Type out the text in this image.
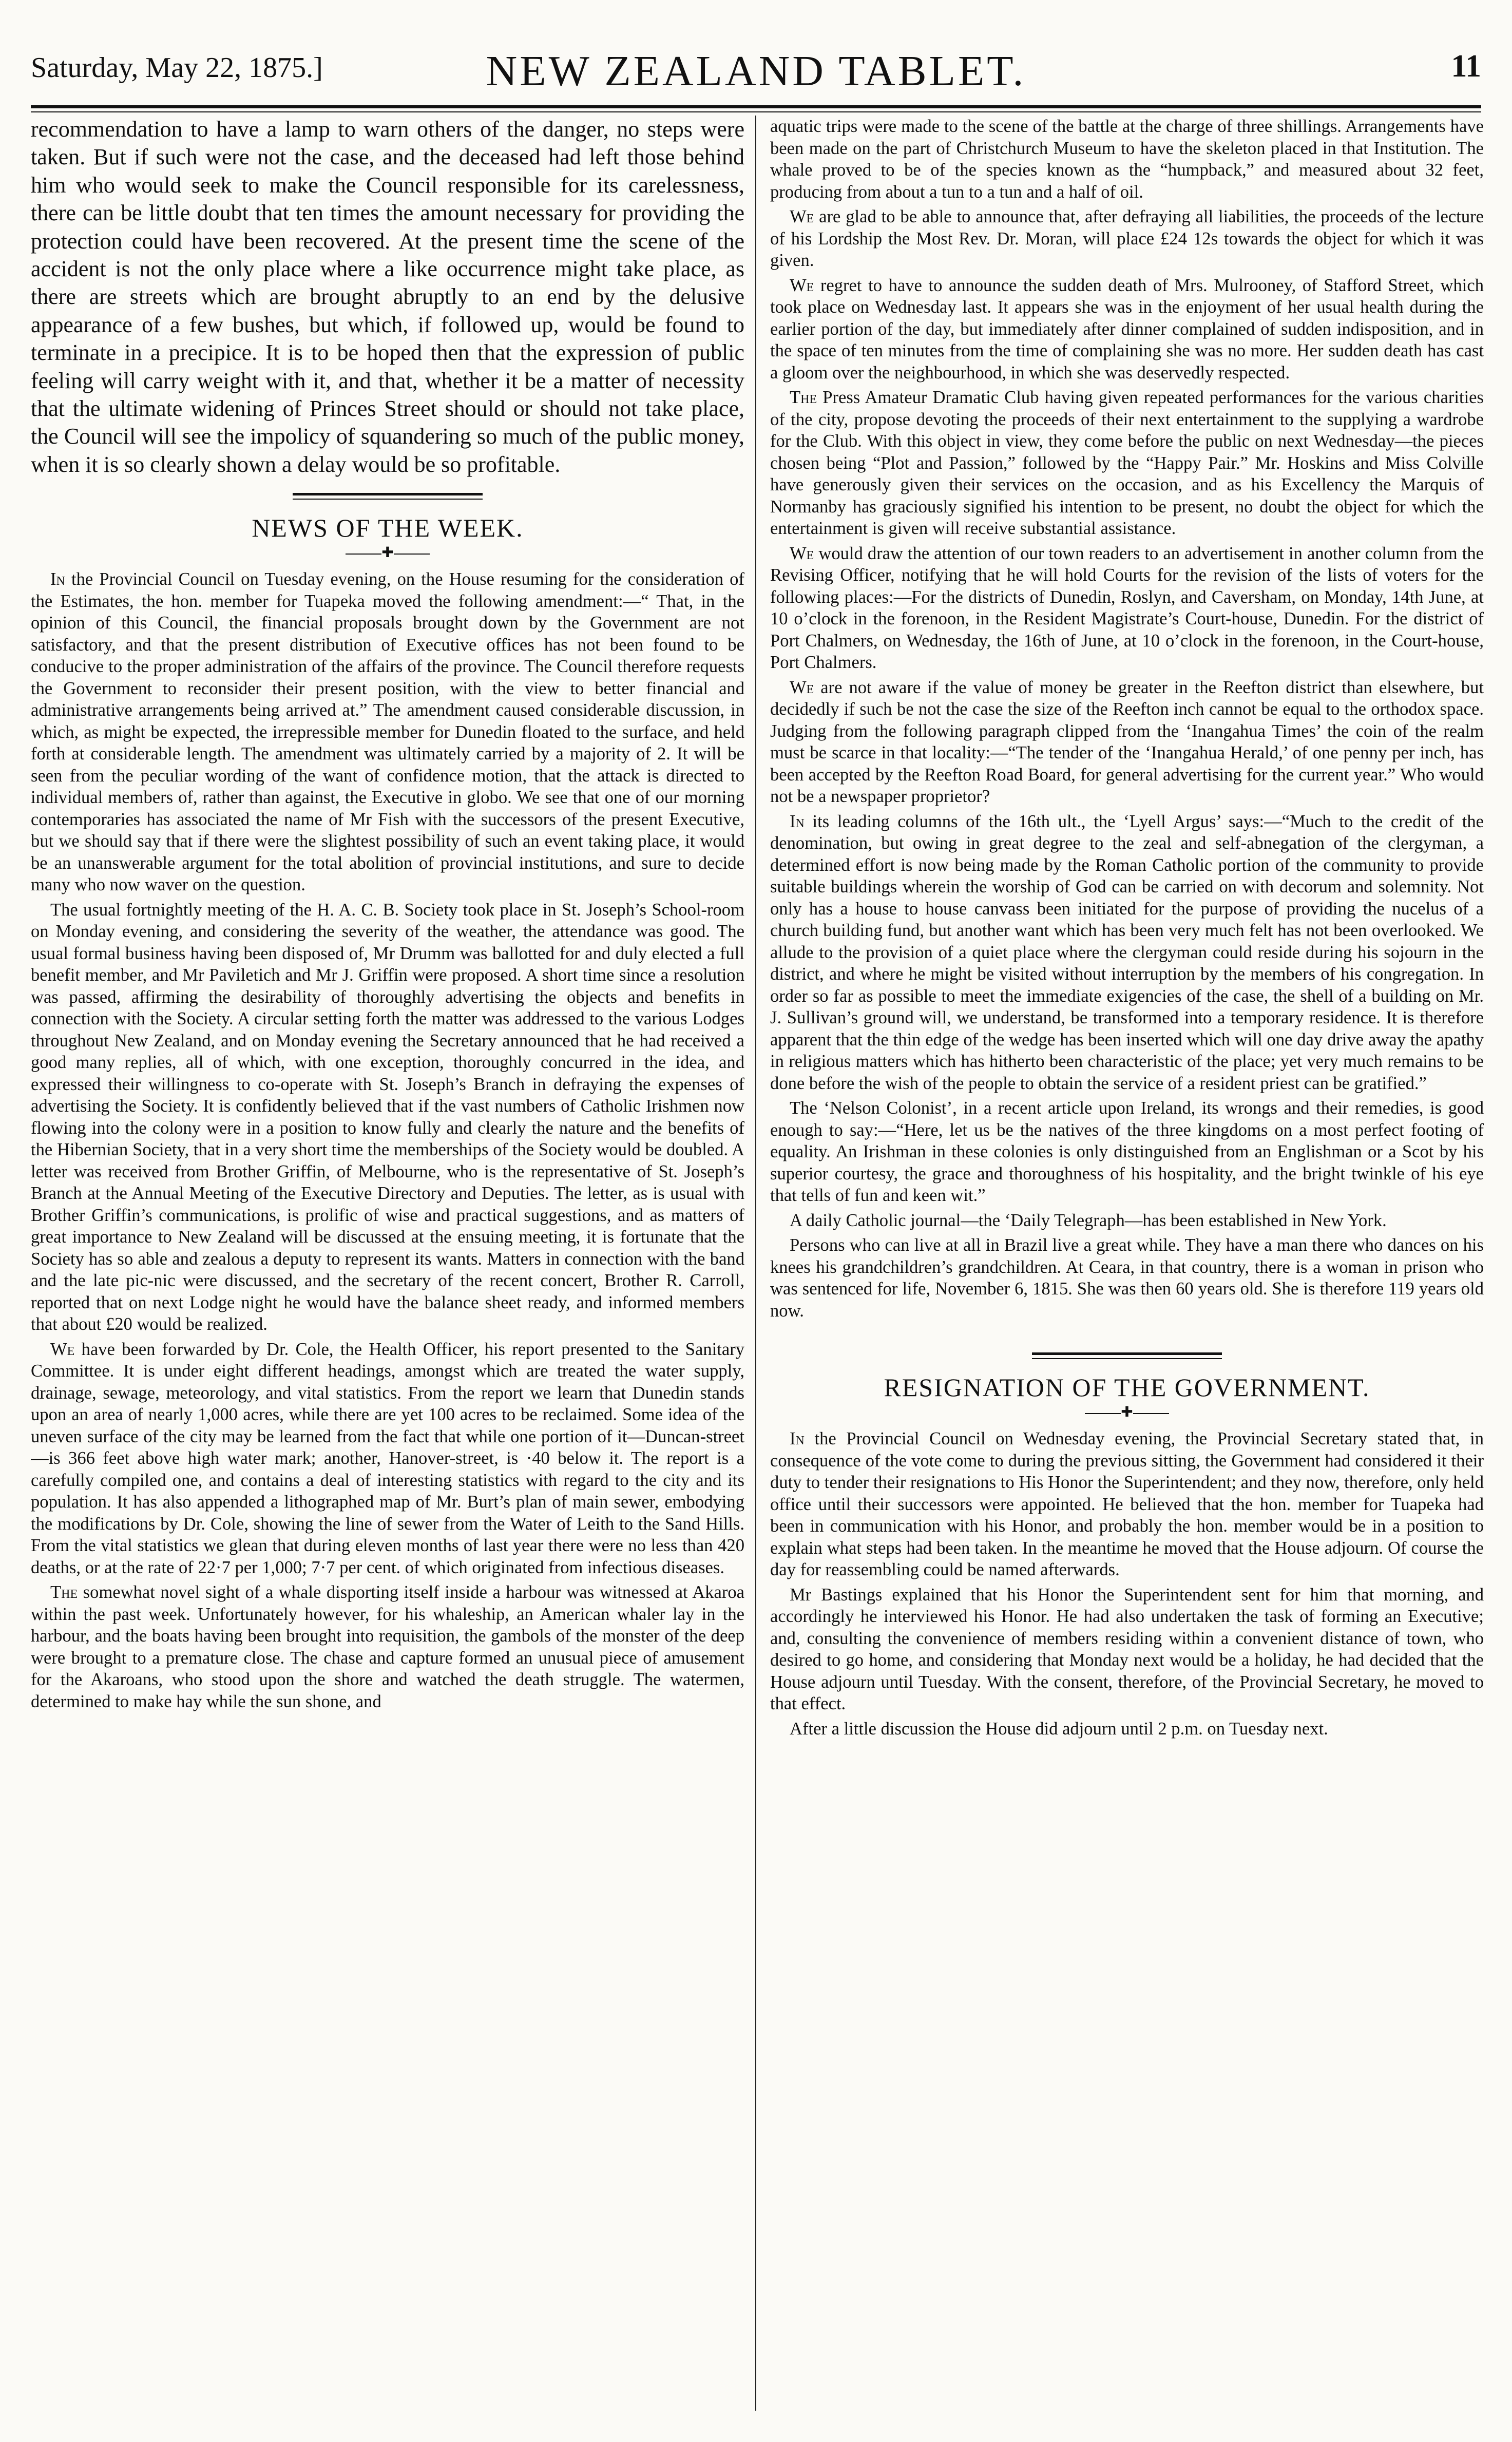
Saturday, May 22, 1875.]	NEW ZEALAND TABLET.	11

recommendation to have a lamp to warn others of the danger, no steps were taken. But if such were not the case, and the deceased had left those behind him who would seek to make the Council responsible for its carelessness, there can be little doubt that ten times the amount necessary for providing the protection could have been recovered. At the present time the scene of the accident is not the only place where a like occurrence might take place, as there are streets which are brought abruptly to an end by the delusive appearance of a few bushes, but which, if followed up, would be found to terminate in a precipice. It is to be hoped then that the expression of public feeling will carry weight with it, and that, whether it be a matter of necessity that the ultimate widening of Princes Street should or should not take place, the Council will see the impolicy of squandering so much of the public money, when it is so clearly shown a delay would be so profitable.

NEWS OF THE WEEK.
✚

In the Provincial Council on Tuesday evening, on the House resuming for the consideration of the Estimates, the hon. member for Tuapeka moved the following amendment:—“ That, in the opinion of this Council, the financial proposals brought down by the Government are not satisfactory, and that the present distribution of Executive offices has not been found to be conducive to the proper administration of the affairs of the province. The Council therefore requests the Government to reconsider their present position, with the view to better financial and administrative arrangements being arrived at.” The amendment caused considerable discussion, in which, as might be expected, the irrepressible member for Dunedin floated to the surface, and held forth at considerable length. The amendment was ultimately carried by a majority of 2. It will be seen from the peculiar wording of the want of confidence motion, that the attack is directed to individual members of, rather than against, the Executive in globo. We see that one of our morning contemporaries has associated the name of Mr Fish with the successors of the present Executive, but we should say that if there were the slightest possibility of such an event taking place, it would be an unanswerable argument for the total abolition of provincial institutions, and sure to decide many who now waver on the question.

The usual fortnightly meeting of the H. A. C. B. Society took place in St. Joseph’s School-room on Monday evening, and considering the severity of the weather, the attendance was good. The usual formal business having been disposed of, Mr Drumm was ballotted for and duly elected a full benefit member, and Mr Paviletich and Mr J. Griffin were proposed. A short time since a resolution was passed, affirming the desirability of thoroughly advertising the objects and benefits in connection with the Society. A circular setting forth the matter was addressed to the various Lodges throughout New Zealand, and on Monday evening the Secretary announced that he had received a good many replies, all of which, with one exception, thoroughly concurred in the idea, and expressed their willingness to co-operate with St. Joseph’s Branch in defraying the expenses of advertising the Society. It is confidently believed that if the vast numbers of Catholic Irishmen now flowing into the colony were in a position to know fully and clearly the nature and the benefits of the Hibernian Society, that in a very short time the memberships of the Society would be doubled. A letter was received from Brother Griffin, of Melbourne, who is the representative of St. Joseph’s Branch at the Annual Meeting of the Executive Directory and Deputies. The letter, as is usual with Brother Griffin’s communications, is prolific of wise and practical suggestions, and as matters of great importance to New Zealand will be discussed at the ensuing meeting, it is fortunate that the Society has so able and zealous a deputy to represent its wants. Matters in connection with the band and the late pic-nic were discussed, and the secretary of the recent concert, Brother R. Carroll, reported that on next Lodge night he would have the balance sheet ready, and informed members that about £20 would be realized.

We have been forwarded by Dr. Cole, the Health Officer, his report presented to the Sanitary Committee. It is under eight different headings, amongst which are treated the water supply, drainage, sewage, meteorology, and vital statistics. From the report we learn that Dunedin stands upon an area of nearly 1,000 acres, while there are yet 100 acres to be reclaimed. Some idea of the uneven surface of the city may be learned from the fact that while one portion of it—Duncan-street—is 366 feet above high water mark; another, Hanover-street, is ·40 below it. The report is a carefully compiled one, and contains a deal of interesting statistics with regard to the city and its population. It has also appended a lithographed map of Mr. Burt’s plan of main sewer, embodying the modifications by Dr. Cole, showing the line of sewer from the Water of Leith to the Sand Hills. From the vital statistics we glean that during eleven months of last year there were no less than 420 deaths, or at the rate of 22·7 per 1,000; 7·7 per cent. of which originated from infectious diseases.

The somewhat novel sight of a whale disporting itself inside a harbour was witnessed at Akaroa within the past week. Unfortunately however, for his whaleship, an American whaler lay in the harbour, and the boats having been brought into requisition, the gambols of the monster of the deep were brought to a premature close. The chase and capture formed an unusual piece of amusement for the Akaroans, who stood upon the shore and watched the death struggle. The watermen, determined to make hay while the sun shone, and

aquatic trips were made to the scene of the battle at the charge of three shillings. Arrangements have been made on the part of Christchurch Museum to have the skeleton placed in that Institution. The whale proved to be of the species known as the “humpback,” and measured about 32 feet, producing from about a tun to a tun and a half of oil.

We are glad to be able to announce that, after defraying all liabilities, the proceeds of the lecture of his Lordship the Most Rev. Dr. Moran, will place £24 12s towards the object for which it was given.

We regret to have to announce the sudden death of Mrs. Mulrooney, of Stafford Street, which took place on Wednesday last. It appears she was in the enjoyment of her usual health during the earlier portion of the day, but immediately after dinner complained of sudden indisposition, and in the space of ten minutes from the time of complaining she was no more. Her sudden death has cast a gloom over the neighbourhood, in which she was deservedly respected.

The Press Amateur Dramatic Club having given repeated performances for the various charities of the city, propose devoting the proceeds of their next entertainment to the supplying a wardrobe for the Club. With this object in view, they come before the public on next Wednesday—the pieces chosen being “Plot and Passion,” followed by the “Happy Pair.” Mr. Hoskins and Miss Colville have generously given their services on the occasion, and as his Excellency the Marquis of Normanby has graciously signified his intention to be present, no doubt the object for which the entertainment is given will receive substantial assistance.

We would draw the attention of our town readers to an advertisement in another column from the Revising Officer, notifying that he will hold Courts for the revision of the lists of voters for the following places:—For the districts of Dunedin, Roslyn, and Caversham, on Monday, 14th June, at 10 o’clock in the forenoon, in the Resident Magistrate’s Court-house, Dunedin. For the district of Port Chalmers, on Wednesday, the 16th of June, at 10 o’clock in the forenoon, in the Court-house, Port Chalmers.

We are not aware if the value of money be greater in the Reefton district than elsewhere, but decidedly if such be not the case the size of the Reefton inch cannot be equal to the orthodox space. Judging from the following paragraph clipped from the ‘Inangahua Times’ the coin of the realm must be scarce in that locality:—“The tender of the ‘Inangahua Herald,’ of one penny per inch, has been accepted by the Reefton Road Board, for general advertising for the current year.” Who would not be a newspaper proprietor?

In its leading columns of the 16th ult., the ‘Lyell Argus’ says:—“Much to the credit of the denomination, but owing in great degree to the zeal and self-abnegation of the clergyman, a determined effort is now being made by the Roman Catholic portion of the community to provide suitable buildings wherein the worship of God can be carried on with decorum and solemnity. Not only has a house to house canvass been initiated for the purpose of providing the nucelus of a church building fund, but another want which has been very much felt has not been overlooked. We allude to the provision of a quiet place where the clergyman could reside during his sojourn in the district, and where he might be visited without interruption by the members of his congregation. In order so far as possible to meet the immediate exigencies of the case, the shell of a building on Mr. J. Sullivan’s ground will, we understand, be transformed into a temporary residence. It is therefore apparent that the thin edge of the wedge has been inserted which will one day drive away the apathy in religious matters which has hitherto been characteristic of the place; yet very much remains to be done before the wish of the people to obtain the service of a resident priest can be gratified.”

The ‘Nelson Colonist’, in a recent article upon Ireland, its wrongs and their remedies, is good enough to say:—“Here, let us be the natives of the three kingdoms on a most perfect footing of equality. An Irishman in these colonies is only distinguished from an Englishman or a Scot by his superior courtesy, the grace and thoroughness of his hospitality, and the bright twinkle of his eye that tells of fun and keen wit.”

A daily Catholic journal—the ‘Daily Telegraph—has been established in New York.

Persons who can live at all in Brazil live a great while. They have a man there who dances on his knees his grandchildren’s grandchildren. At Ceara, in that country, there is a woman in prison who was sentenced for life, November 6, 1815. She was then 60 years old. She is therefore 119 years old now.

RESIGNATION OF THE GOVERNMENT.
✚

In the Provincial Council on Wednesday evening, the Provincial Secretary stated that, in consequence of the vote come to during the previous sitting, the Government had considered it their duty to tender their resignations to His Honor the Superintendent; and they now, therefore, only held office until their successors were appointed. He believed that the hon. member for Tuapeka had been in communication with his Honor, and probably the hon. member would be in a position to explain what steps had been taken. In the meantime he moved that the House adjourn. Of course the day for reassembling could be named afterwards.

Mr Bastings explained that his Honor the Superintendent sent for him that morning, and accordingly he interviewed his Honor. He had also undertaken the task of forming an Executive; and, consulting the convenience of members residing within a convenient distance of town, who desired to go home, and considering that Monday next would be a holiday, he had decided that the House adjourn until Tuesday. With the consent, therefore, of the Provincial Secretary, he moved to that effect.

After a little discussion the House did adjourn until 2 p.m. on Tuesday next.
